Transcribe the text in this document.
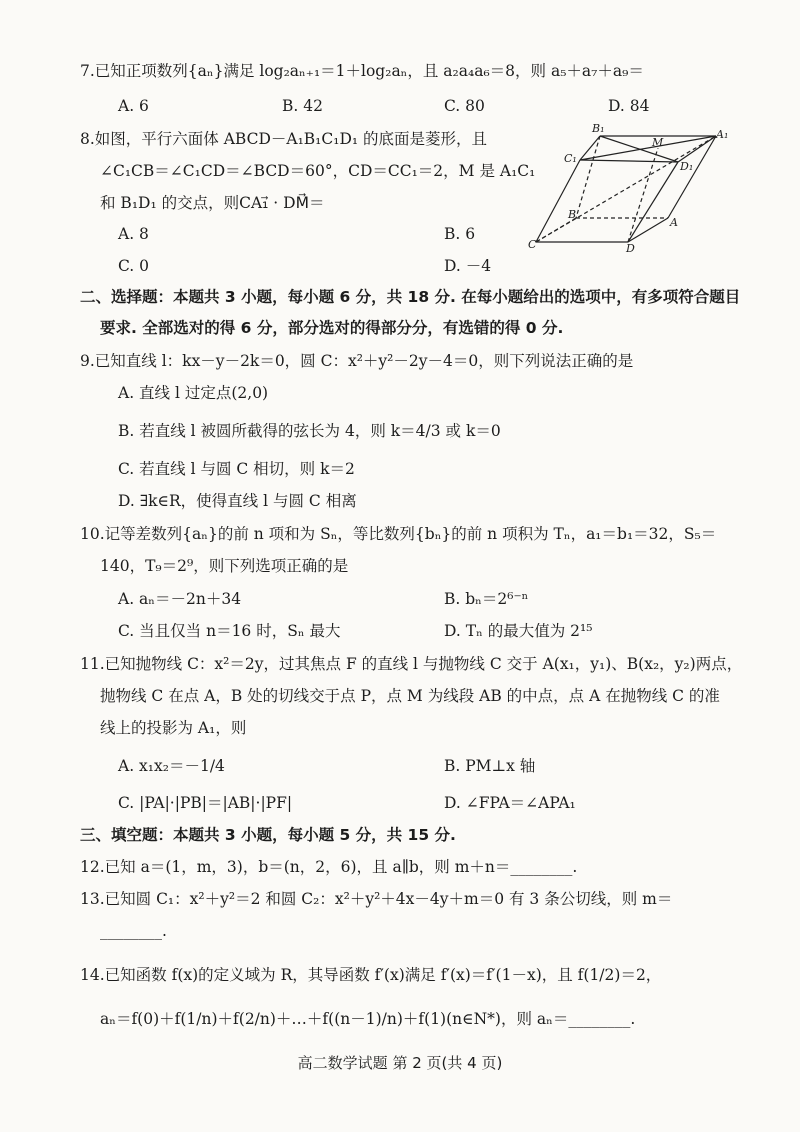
7.已知正项数列{aₙ}满足 log₂aₙ₊₁＝1＋log₂aₙ，且 a₂a₄a₆＝8，则 a₅＋a₇＋a₉＝
A. 6	B. 42	C. 80	D. 84
8.如图，平行六面体 ABCD－A₁B₁C₁D₁ 的底面是菱形，且
∠C₁CB＝∠C₁CD＝∠BCD＝60°，CD＝CC₁＝2，M 是 A₁C₁
和 B₁D₁ 的交点，则CA₁⃗ · DM⃗＝
A. 8	B. 6
C. 0	D. －4
B₁
M
A₁
C₁
D₁
B
A
C	D
二、选择题：本题共 3 小题，每小题 6 分，共 18 分. 在每小题给出的选项中，有多项符合题目
要求. 全部选对的得 6 分，部分选对的得部分分，有选错的得 0 分.
9.已知直线 l：kx－y－2k＝0，圆 C：x²＋y²－2y－4＝0，则下列说法正确的是
A. 直线 l 过定点(2,0)
B. 若直线 l 被圆所截得的弦长为 4，则 k＝4/3 或 k＝0
C. 若直线 l 与圆 C 相切，则 k＝2
D. ∃k∈R，使得直线 l 与圆 C 相离
10.记等差数列{aₙ}的前 n 项和为 Sₙ，等比数列{bₙ}的前 n 项积为 Tₙ，a₁＝b₁＝32，S₅＝
140，T₉＝2⁹，则下列选项正确的是
A. aₙ＝－2n＋34	B. bₙ＝2⁶⁻ⁿ
C. 当且仅当 n＝16 时，Sₙ 最大	D. Tₙ 的最大值为 2¹⁵
11.已知抛物线 C：x²＝2y，过其焦点 F 的直线 l 与抛物线 C 交于 A(x₁，y₁)、B(x₂，y₂)两点，
抛物线 C 在点 A，B 处的切线交于点 P，点 M 为线段 AB 的中点，点 A 在抛物线 C 的准
线上的投影为 A₁，则
A. x₁x₂＝－1/4	B. PM⊥x 轴
C. |PA|·|PB|＝|AB|·|PF|	D. ∠FPA＝∠APA₁
三、填空题：本题共 3 小题，每小题 5 分，共 15 分.
12.已知 a＝(1，m，3)，b＝(n，2，6)，且 a∥b，则 m＋n＝________.
13.已知圆 C₁：x²＋y²＝2 和圆 C₂：x²＋y²＋4x－4y＋m＝0 有 3 条公切线，则 m＝
________.
14.已知函数 f(x)的定义域为 R，其导函数 f′(x)满足 f′(x)＝f′(1－x)，且 f(1/2)＝2，
aₙ＝f(0)＋f(1/n)＋f(2/n)＋…＋f((n－1)/n)＋f(1)(n∈N*)，则 aₙ＝________.
高二数学试题 第 2 页(共 4 页)
